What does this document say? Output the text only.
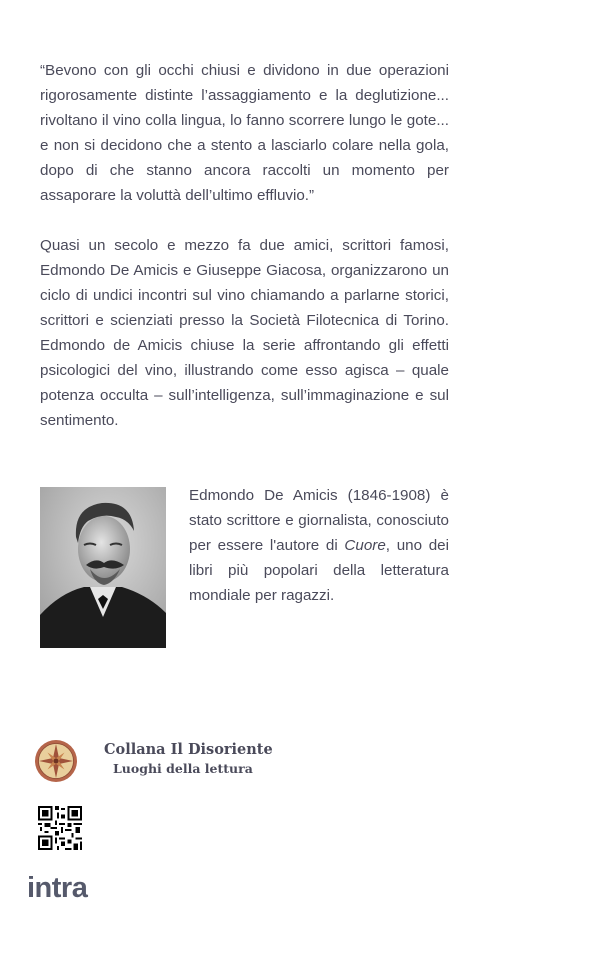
“Bevono con gli occhi chiusi e dividono in due operazioni rigorosamente distinte l’assaggiamento e la deglutizione... rivoltano il vino colla lingua, lo fanno scorrere lungo le gote... e non si decidono che a stento a lasciarlo colare nella gola, dopo di che stanno ancora raccolti un momento per assaporare la voluttà dell’ultimo effluvio.”
Quasi un secolo e mezzo fa due amici, scrittori famosi, Edmondo De Amicis e Giuseppe Giacosa, organizzarono un ciclo di undici incontri sul vino chiamando a parlarne storici, scrittori e scienziati presso la Società Filotecnica di Torino. Edmondo de Amicis chiuse la serie affrontando gli effetti psicologici del vino, illustrando come esso agisca – quale potenza occulta – sull’intelligenza, sull’immaginazione e sul sentimento.
Edmondo De Amicis (1846-1908) è stato scrittore e giornalista, conosciuto per essere l'autore di Cuore, uno dei libri più popolari della letteratura mondiale per ragazzi.
Collana Il Disoriente
Luoghi della lettura
intra
